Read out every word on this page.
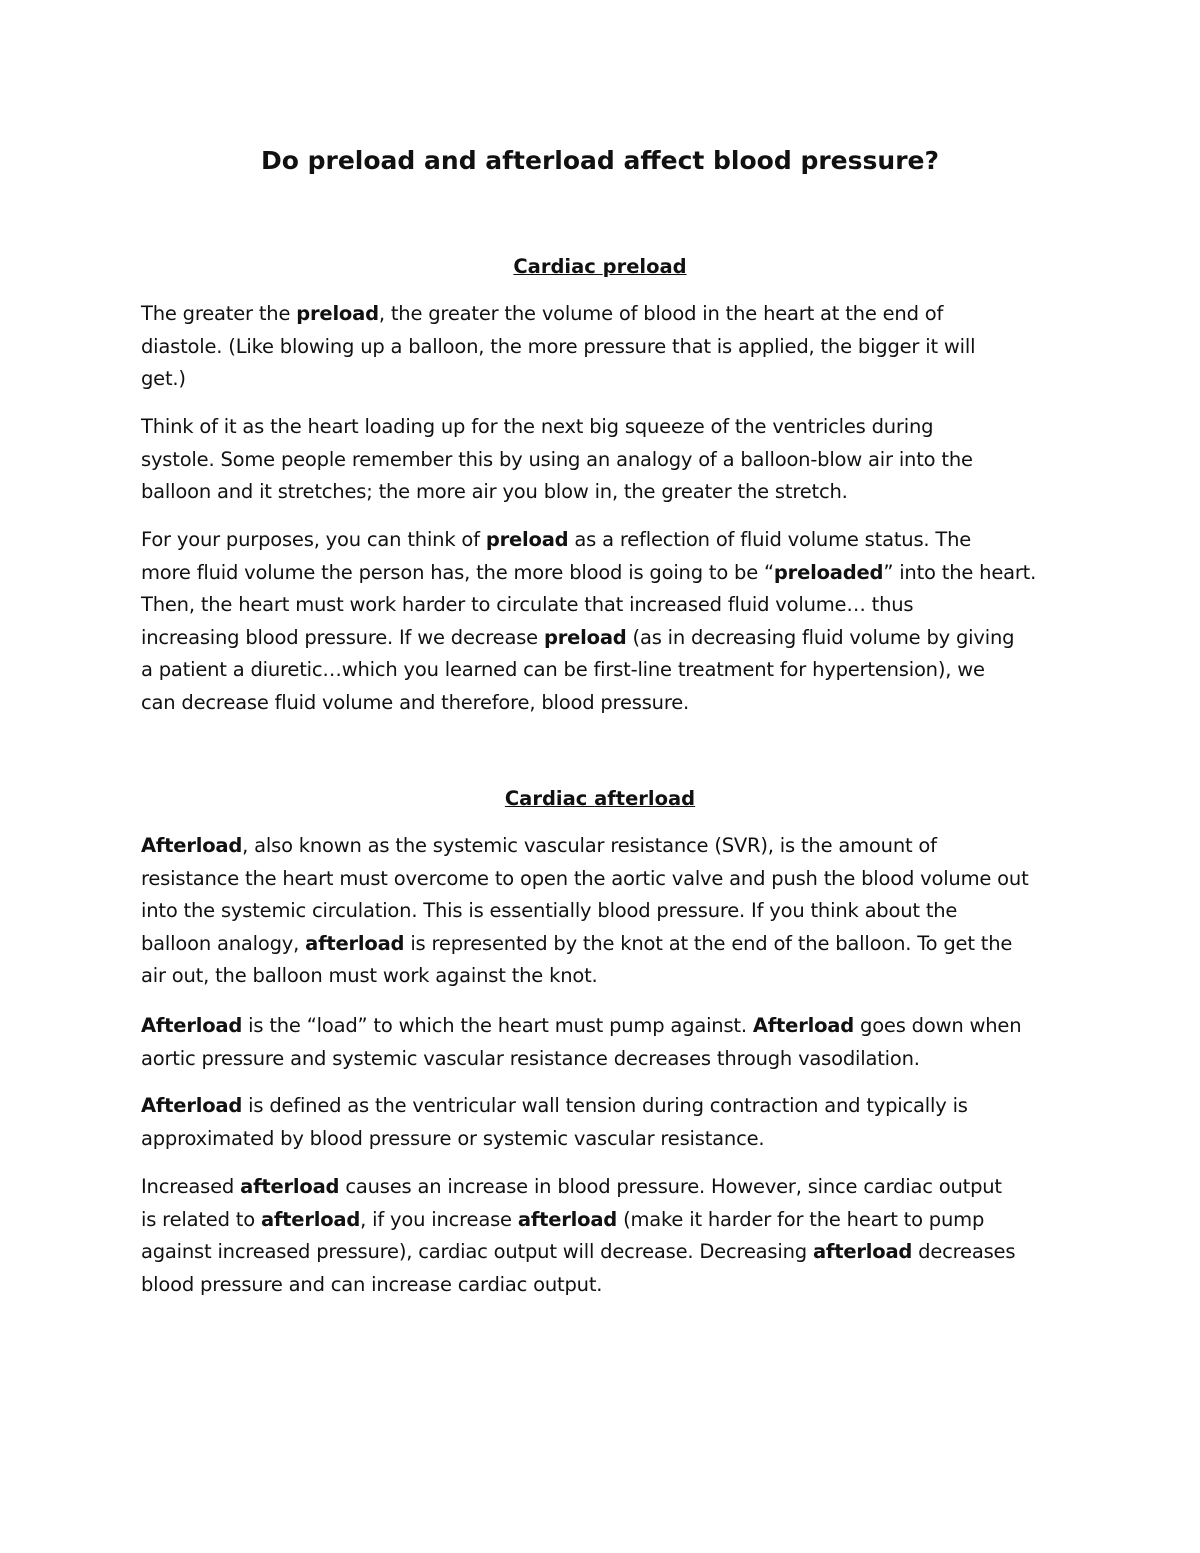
Do preload and afterload affect blood pressure?
Cardiac preload
The greater the preload, the greater the volume of blood in the heart at the end of
diastole. (Like blowing up a balloon, the more pressure that is applied, the bigger it will
get.)
Think of it as the heart loading up for the next big squeeze of the ventricles during
systole. Some people remember this by using an analogy of a balloon-blow air into the
balloon and it stretches; the more air you blow in, the greater the stretch.
For your purposes, you can think of preload as a reflection of fluid volume status. The
more fluid volume the person has, the more blood is going to be “preloaded” into the heart.
Then, the heart must work harder to circulate that increased fluid volume… thus
increasing blood pressure. If we decrease preload (as in decreasing fluid volume by giving
a patient a diuretic…which you learned can be first-line treatment for hypertension), we
can decrease fluid volume and therefore, blood pressure.
Cardiac afterload
Afterload, also known as the systemic vascular resistance (SVR), is the amount of
resistance the heart must overcome to open the aortic valve and push the blood volume out
into the systemic circulation. This is essentially blood pressure. If you think about the
balloon analogy, afterload is represented by the knot at the end of the balloon. To get the
air out, the balloon must work against the knot.
Afterload is the “load” to which the heart must pump against. Afterload goes down when
aortic pressure and systemic vascular resistance decreases through vasodilation.
Afterload is defined as the ventricular wall tension during contraction and typically is
approximated by blood pressure or systemic vascular resistance.
Increased afterload causes an increase in blood pressure. However, since cardiac output
is related to afterload, if you increase afterload (make it harder for the heart to pump
against increased pressure), cardiac output will decrease. Decreasing afterload decreases
blood pressure and can increase cardiac output.
